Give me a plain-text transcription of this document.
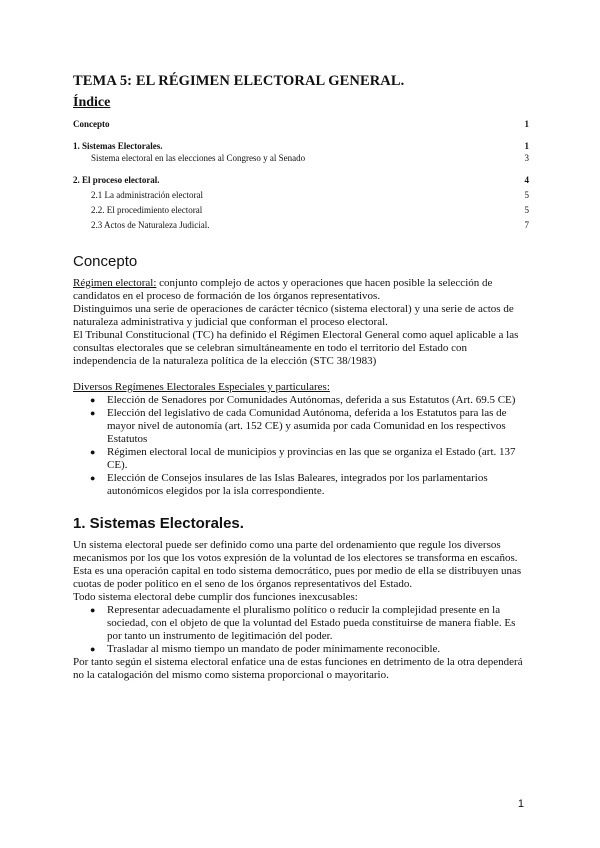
TEMA 5: EL RÉGIMEN ELECTORAL GENERAL.
Índice
Concepto	1
1. Sistemas Electorales.	1
Sistema electoral en las elecciones al Congreso y al Senado	3
2. El proceso electoral.	4
2.1 La administración electoral	5
2.2. El procedimiento electoral	5
2.3 Actos de Naturaleza Judicial.	7
Concepto

Régimen electoral: conjunto complejo de actos y operaciones que hacen posible la selección de candidatos en el proceso de formación de los órganos representativos.

Distinguimos una serie de operaciones de carácter técnico (sistema electoral) y una serie de actos de naturaleza administrativa y judicial que conforman el proceso electoral.

El Tribunal Constitucional (TC) ha definido el Régimen Electoral General como aquel aplicable a las consultas electorales que se celebran simultáneamente en todo el territorio del Estado con independencia de la naturaleza política de la elección (STC 38/1983)

Diversos Regímenes Electorales Especiales y particulares:

● Elección de Senadores por Comunidades Autónomas, deferida a sus Estatutos (Art. 69.5 CE)
● Elección del legislativo de cada Comunidad Autónoma, deferida a los Estatutos para las de mayor nivel de autonomía (art. 152 CE) y asumida por cada Comunidad en los respectivos Estatutos
● Régimen electoral local de municipios y provincias en las que se organiza el Estado (art. 137 CE).
● Elección de Consejos insulares de las Islas Baleares, integrados por los parlamentarios autonómicos elegidos por la isla correspondiente.
1. Sistemas Electorales.

Un sistema electoral puede ser definido como una parte del ordenamiento que regule los diversos mecanismos por los que los votos expresión de la voluntad de los electores se transforma en escaños. Esta es una operación capital en todo sistema democrático, pues por medio de ella se distribuyen unas cuotas de poder político en el seno de los órganos representativos del Estado.

Todo sistema electoral debe cumplir dos funciones inexcusables:

● Representar adecuadamente el pluralismo político o reducir la complejidad presente en la sociedad, con el objeto de que la voluntad del Estado pueda constituirse de manera fiable. Es por tanto un instrumento de legitimación del poder.
● Trasladar al mismo tiempo un mandato de poder mínimamente reconocible.

Por tanto según el sistema electoral enfatice una de estas funciones en detrimento de la otra dependerá no la catalogación del mismo como sistema proporcional o mayoritario.

1
